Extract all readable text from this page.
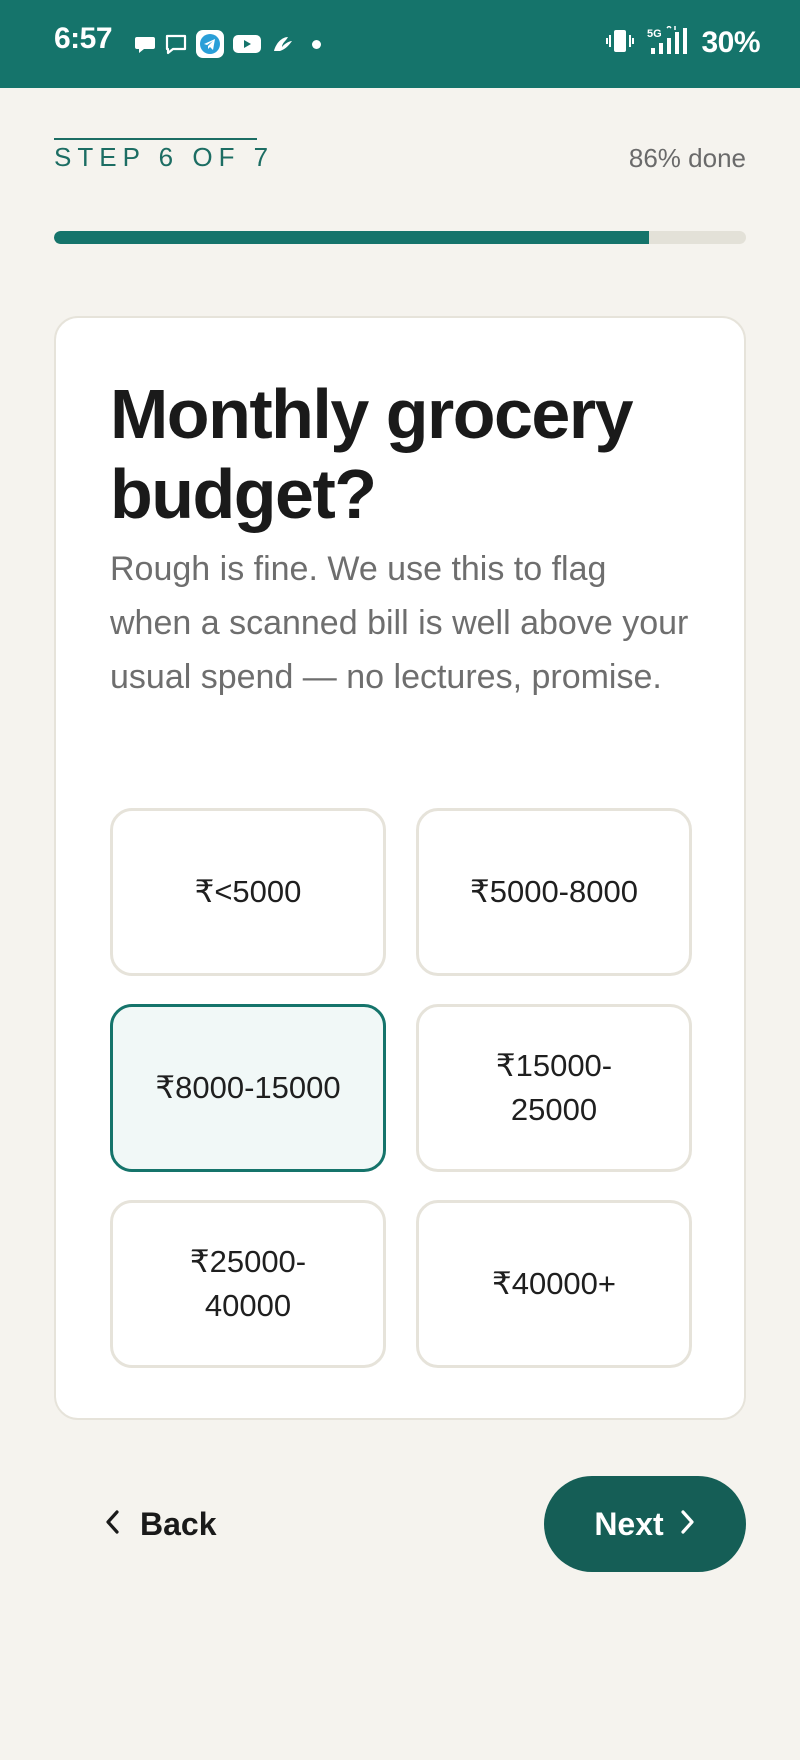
6:57	5G 30%
STEP 6 OF 7	86% done
Monthly grocery budget?
Rough is fine. We use this to flag when a scanned bill is well above your usual spend — no lectures, promise.
₹<5000	₹5000-8000
₹8000-15000
₹15000-25000
₹25000-40000
₹40000+
Back	Next
